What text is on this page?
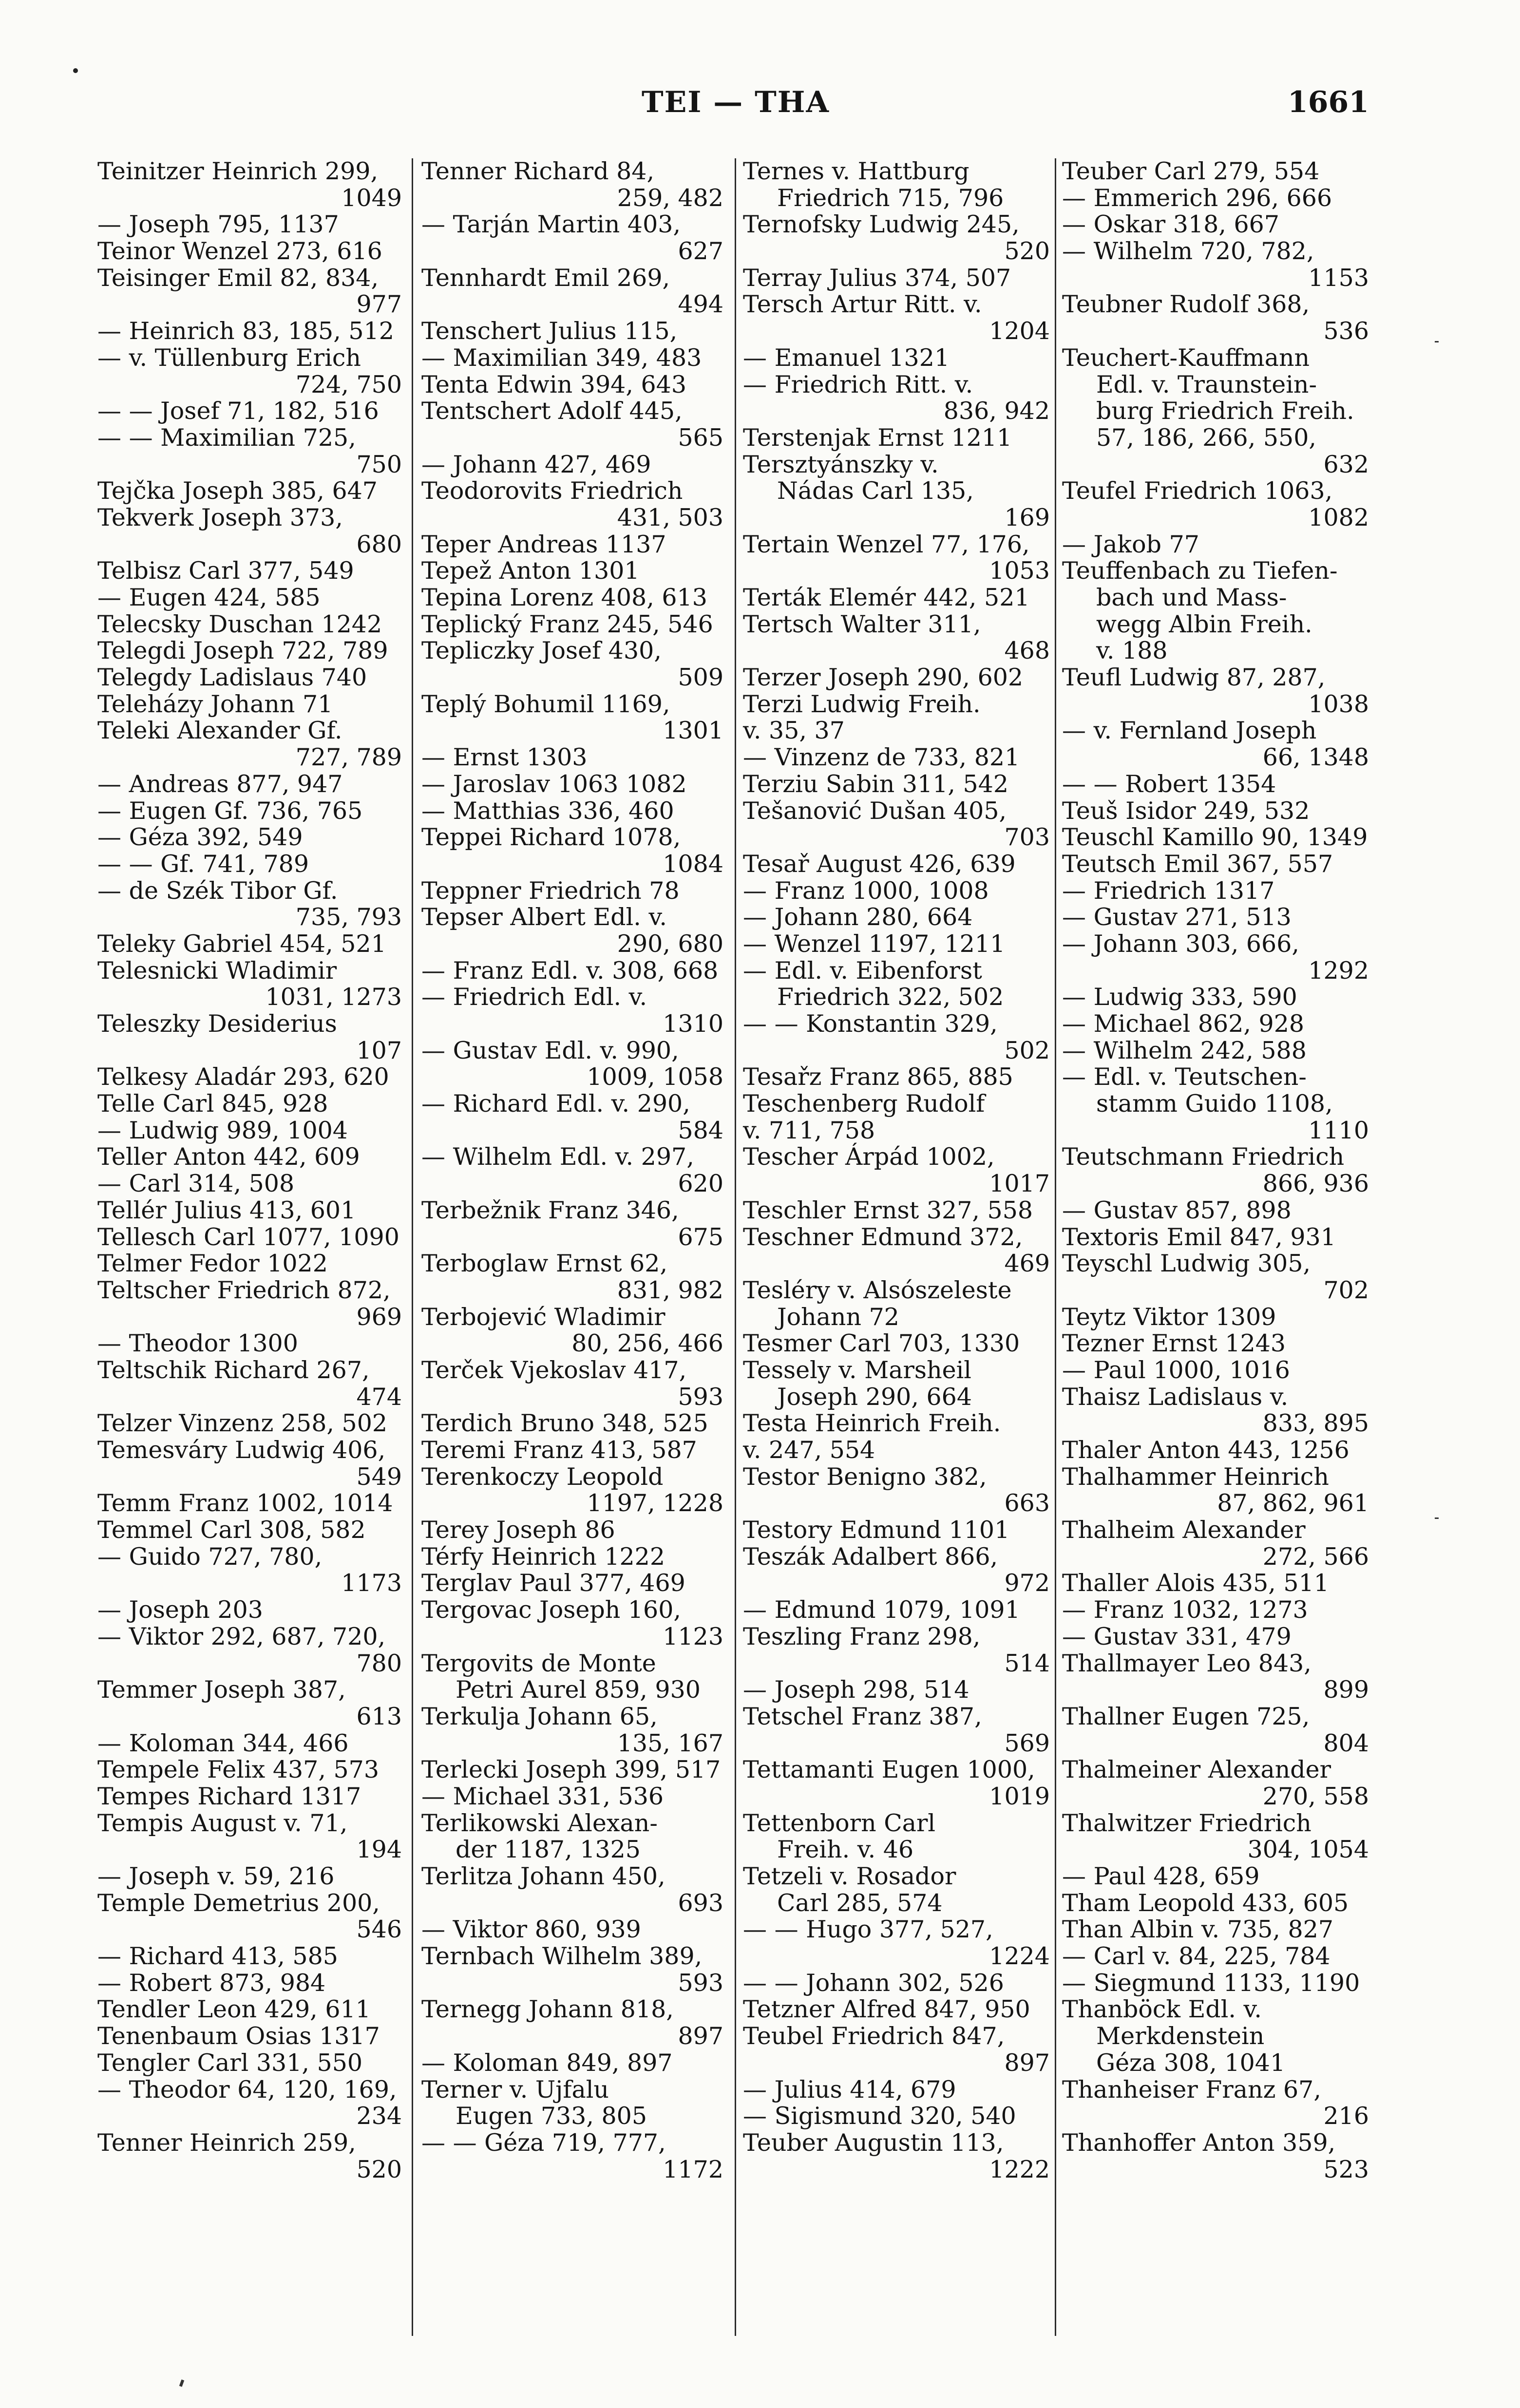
TEI — THA	1661
Teinitzer Heinrich 299,
1049
— Joseph 795, 1137
Teinor Wenzel 273, 616
Teisinger Emil 82, 834,
977
— Heinrich 83, 185, 512
— v. Tüllenburg Erich
724, 750
— — Josef 71, 182, 516
— — Maximilian 725,
750
Tejčka Joseph 385, 647
Tekverk Joseph 373,
680
Telbisz Carl 377, 549
— Eugen 424, 585
Telecsky Duschan 1242
Telegdi Joseph 722, 789
Telegdy Ladislaus 740
Teleházy Johann 71
Teleki Alexander Gf.
727, 789
— Andreas 877, 947
— Eugen Gf. 736, 765
— Géza 392, 549
— — Gf. 741, 789
— de Szék Tibor Gf.
735, 793
Teleky Gabriel 454, 521
Telesnicki Wladimir
1031, 1273
Teleszky Desiderius
107
Telkesy Aladár 293, 620
Telle Carl 845, 928
— Ludwig 989, 1004
Teller Anton 442, 609
— Carl 314, 508
Tellér Julius 413, 601
Tellesch Carl 1077, 1090
Telmer Fedor 1022
Teltscher Friedrich 872,
969
— Theodor 1300
Teltschik Richard 267,
474
Telzer Vinzenz 258, 502
Temesváry Ludwig 406,
549
Temm Franz 1002, 1014
Temmel Carl 308, 582
— Guido 727, 780,
1173
— Joseph 203
— Viktor 292, 687, 720,
780
Temmer Joseph 387,
613
— Koloman 344, 466
Tempele Felix 437, 573
Tempes Richard 1317
Tempis August v. 71,
194
— Joseph v. 59, 216
Temple Demetrius 200,
546
— Richard 413, 585
— Robert 873, 984
Tendler Leon 429, 611
Tenenbaum Osias 1317
Tengler Carl 331, 550
— Theodor 64, 120, 169,
234
Tenner Heinrich 259,
520
Tenner Richard 84,
259, 482
— Tarján Martin 403,
627
Tennhardt Emil 269,
494
Tenschert Julius 115,
— Maximilian 349, 483
Tenta Edwin 394, 643
Tentschert Adolf 445,
565
— Johann 427, 469
Teodorovits Friedrich
431, 503
Teper Andreas 1137
Tepež Anton 1301
Tepina Lorenz 408, 613
Teplický Franz 245, 546
Tepliczky Josef 430,
509
Teplý Bohumil 1169,
1301
— Ernst 1303
— Jaroslav 1063 1082
— Matthias 336, 460
Teppei Richard 1078,
1084
Teppner Friedrich 78
Tepser Albert Edl. v.
290, 680
— Franz Edl. v. 308, 668
— Friedrich Edl. v.
1310
— Gustav Edl. v. 990,
1009, 1058
— Richard Edl. v. 290,
584
— Wilhelm Edl. v. 297,
620
Terbežnik Franz 346,
675
Terboglaw Ernst 62,
831, 982
Terbojević Wladimir
80, 256, 466
Terček Vjekoslav 417,
593
Terdich Bruno 348, 525
Teremi Franz 413, 587
Terenkoczy Leopold
1197, 1228
Terey Joseph 86
Térfy Heinrich 1222
Terglav Paul 377, 469
Tergovac Joseph 160,
1123
Tergovits de Monte
Petri Aurel 859, 930
Terkulja Johann 65,
135, 167
Terlecki Joseph 399, 517
— Michael 331, 536
Terlikowski Alexan-
der 1187, 1325
Terlitza Johann 450,
693
— Viktor 860, 939
Ternbach Wilhelm 389,
593
Ternegg Johann 818,
897
— Koloman 849, 897
Terner v. Ujfalu
Eugen 733, 805
— — Géza 719, 777,
1172
Ternes v. Hattburg
Friedrich 715, 796
Ternofsky Ludwig 245,
520
Terray Julius 374, 507
Tersch Artur Ritt. v.
1204
— Emanuel 1321
— Friedrich Ritt. v.
836, 942
Terstenjak Ernst 1211
Tersztyánszky v.
Nádas Carl 135,
169
Tertain Wenzel 77, 176,
1053
Terták Elemér 442, 521
Tertsch Walter 311,
468
Terzer Joseph 290, 602
Terzi Ludwig Freih.
v. 35, 37
— Vinzenz de 733, 821
Terziu Sabin 311, 542
Tešanović Dušan 405,
703
Tesař August 426, 639
— Franz 1000, 1008
— Johann 280, 664
— Wenzel 1197, 1211
— Edl. v. Eibenforst
Friedrich 322, 502
— — Konstantin 329,
502
Tesařz Franz 865, 885
Teschenberg Rudolf
v. 711, 758
Tescher Árpád 1002,
1017
Teschler Ernst 327, 558
Teschner Edmund 372,
469
Tesléry v. Alsószeleste
Johann 72
Tesmer Carl 703, 1330
Tessely v. Marsheil
Joseph 290, 664
Testa Heinrich Freih.
v. 247, 554
Testor Benigno 382,
663
Testory Edmund 1101
Teszák Adalbert 866,
972
— Edmund 1079, 1091
Teszling Franz 298,
514
— Joseph 298, 514
Tetschel Franz 387,
569
Tettamanti Eugen 1000,
1019
Tettenborn Carl
Freih. v. 46
Tetzeli v. Rosador
Carl 285, 574
— — Hugo 377, 527,
1224
— — Johann 302, 526
Tetzner Alfred 847, 950
Teubel Friedrich 847,
897
— Julius 414, 679
— Sigismund 320, 540
Teuber Augustin 113,
1222
Teuber Carl 279, 554
— Emmerich 296, 666
— Oskar 318, 667
— Wilhelm 720, 782,
1153
Teubner Rudolf 368,
536
Teuchert-Kauffmann
Edl. v. Traunstein-
burg Friedrich Freih.
57, 186, 266, 550,
632
Teufel Friedrich 1063,
1082
— Jakob 77
Teuffenbach zu Tiefen-
bach und Mass-
wegg Albin Freih.
v. 188
Teufl Ludwig 87, 287,
1038
— v. Fernland Joseph
66, 1348
— — Robert 1354
Teuš Isidor 249, 532
Teuschl Kamillo 90, 1349
Teutsch Emil 367, 557
— Friedrich 1317
— Gustav 271, 513
— Johann 303, 666,
1292
— Ludwig 333, 590
— Michael 862, 928
— Wilhelm 242, 588
— Edl. v. Teutschen-
stamm Guido 1108,
1110
Teutschmann Friedrich
866, 936
— Gustav 857, 898
Textoris Emil 847, 931
Teyschl Ludwig 305,
702
Teytz Viktor 1309
Tezner Ernst 1243
— Paul 1000, 1016
Thaisz Ladislaus v.
833, 895
Thaler Anton 443, 1256
Thalhammer Heinrich
87, 862, 961
Thalheim Alexander
272, 566
Thaller Alois 435, 511
— Franz 1032, 1273
— Gustav 331, 479
Thallmayer Leo 843,
899
Thallner Eugen 725,
804
Thalmeiner Alexander
270, 558
Thalwitzer Friedrich
304, 1054
— Paul 428, 659
Tham Leopold 433, 605
Than Albin v. 735, 827
— Carl v. 84, 225, 784
— Siegmund 1133, 1190
Thanböck Edl. v.
Merkdenstein
Géza 308, 1041
Thanheiser Franz 67,
216
Thanhoffer Anton 359,
523
